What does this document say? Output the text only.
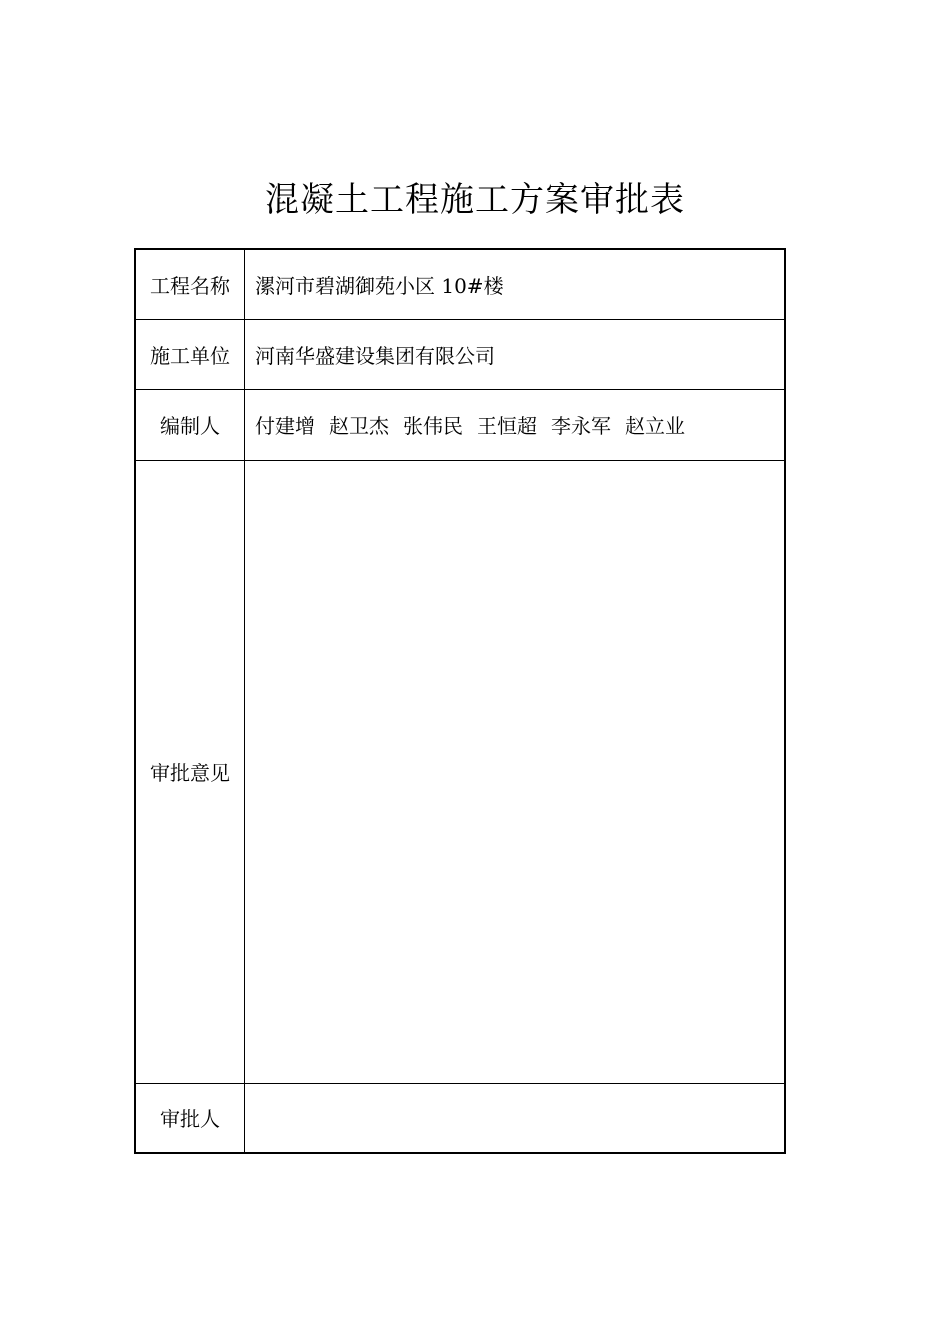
混凝土工程施工方案审批表
工程名称	漯河市碧湖御苑小区 10#楼
施工单位	河南华盛建设集团有限公司
编制人	付建增 赵卫杰 张伟民 王恒超 李永军 赵立业
审批意见	
审批人	
